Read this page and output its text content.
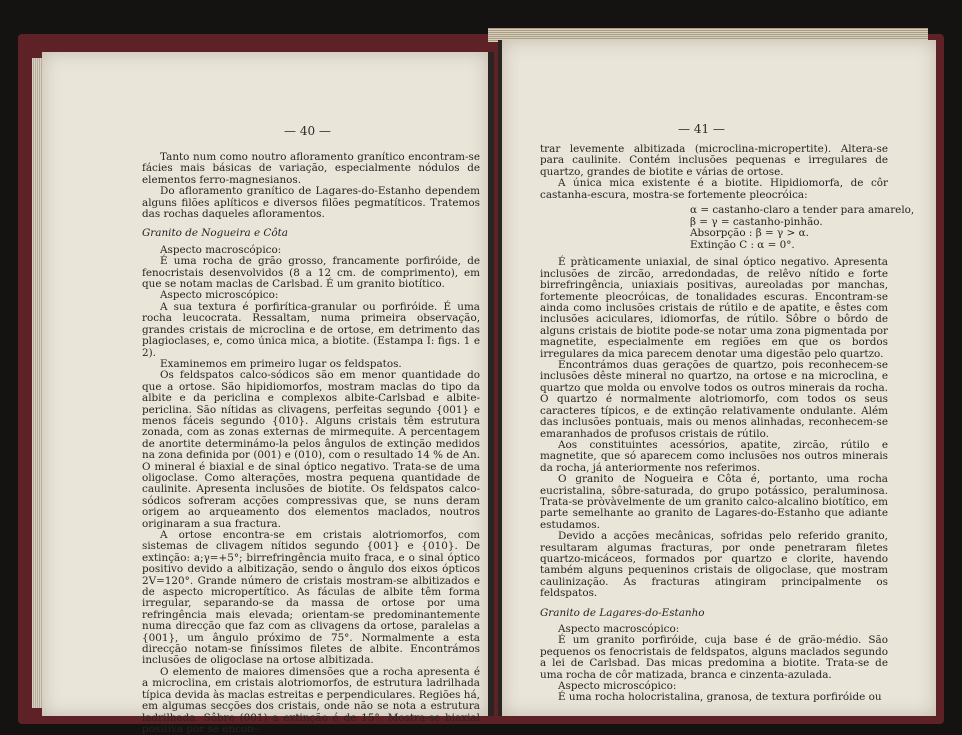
— 40 —

Tanto num como noutro afloramento granítico encontram-se fácies mais básicas de variação, especialmente nódulos de elementos ferro-magnesianos.

Do afloramento granítico de Lagares-do-Estanho dependem alguns filões aplíticos e diversos filões pegmatíticos. Tratemos das rochas daqueles afloramentos.

Granito de Nogueira e Côta

Aspecto macroscópico:

É uma rocha de grão grosso, francamente porfiróide, de fenocristais desenvolvidos (8 a 12 cm. de comprimento), em que se notam maclas de Carlsbad. É um granito biotítico.

Aspecto microscópico:

A sua textura é porfirítica-granular ou porfiróide. É uma rocha leucocrata. Ressaltam, numa primeira observação, grandes cristais de microclina e de ortose, em detrimento das plagioclases, e, como única mica, a biotite. (Estampa I: figs. 1 e 2).

Examinemos em primeiro lugar os feldspatos.

Os feldspatos calco-sódicos são em menor quantidade do que a ortose. São hipidiomorfos, mostram maclas do tipo da albite e da periclina e complexos albite-Carlsbad e albite-periclina. São nítidas as clivagens, perfeitas segundo {001} e menos fáceis segundo {010}. Alguns cristais têm estrutura zonada, com as zonas externas de mirmequite. A percentagem de anortite determinámo-la pelos ângulos de extinção medidos na zona definida por (001) e (010), com o resultado 14 % de An. O mineral é biaxial e de sinal óptico negativo. Trata-se de uma oligoclase. Como alterações, mostra pequena quantidade de caulinite. Apresenta inclusões de biotite. Os feldspatos calco-sódicos sofreram acções compressivas que, se nuns deram origem ao arqueamento dos elementos maclados, noutros originaram a sua fractura.

A ortose encontra-se em cristais alotriomorfos, com sistemas de clivagem nítidos segundo {001} e {010}. De extinção: a;γ=+5°; birrefringência muito fraca, e o sinal óptico positivo devido a albitização, sendo o ângulo dos eixos ópticos 2V=120°. Grande número de cristais mostram-se albitizados e de aspecto micropertítico. As fáculas de albite têm forma irregular, separando-se da massa de ortose por uma refringência mais elevada; orientam-se predominantemente numa direcção que faz com as clivagens da ortose, paralelas a {001}, um ângulo próximo de 75°. Normalmente a esta direcção notam-se finíssimos filetes de albite. Encontrámos inclusões de oligoclase na ortose albitizada.

O elemento de maiores dimensões que a rocha apresenta é a microclina, em cristais alotriomorfos, de estrutura ladrilhada típica devida às maclas estreitas e perpendiculares. Regiões há, em algumas secções dos cristais, onde não se nota a estrutura ladrilhada. Sôbre (001) a extinção é de 15°. Mostra-se biaxial positiva por se encon-

— 41 —

trar levemente albitizada (microclina-micropertite). Altera-se para caulinite. Contém inclusões pequenas e irregulares de quartzo, grandes de biotite e várias de ortose.

A única mica existente é a biotite. Hipidiomorfa, de côr castanha-escura, mostra-se fortemente pleocróica:

α = castanho-claro a tender para amarelo,
β = γ = castanho-pinhão.
Absorpção : β = γ > α.
Extinção C : α = 0°.

É pràticamente uniaxial, de sinal óptico negativo. Apresenta inclusões de zircão, arredondadas, de relêvo nítido e forte birrefringência, uniaxiais positivas, aureoladas por manchas, fortemente pleocróicas, de tonalidades escuras. Encontram-se ainda como inclusões cristais de rútilo e de apatite, e êstes com inclusões aciculares, idiomorfas, de rútilo. Sôbre o bôrdo de alguns cristais de biotite pode-se notar uma zona pigmentada por magnetite, especialmente em regiões em que os bordos irregulares da mica parecem denotar uma digestão pelo quartzo.

Encontrámos duas gerações de quartzo, pois reconhecem-se inclusões dêste mineral no quartzo, na ortose e na microclina, e quartzo que molda ou envolve todos os outros minerais da rocha. O quartzo é normalmente alotriomorfo, com todos os seus caracteres típicos, e de extinção relativamente ondulante. Além das inclusões pontuais, mais ou menos alinhadas, reconhecem-se emaranhados de profusos cristais de rútilo.

Aos constituintes acessórios, apatite, zircão, rútilo e magnetite, que só aparecem como inclusões nos outros minerais da rocha, já anteriormente nos referimos.

O granito de Nogueira e Côta é, portanto, uma rocha eucristalina, sôbre-saturada, do grupo potássico, peraluminosa. Trata-se pròvàvelmente de um granito calco-alcalino biotítico, em parte semelhante ao granito de Lagares-do-Estanho que adiante estudamos.

Devido a acções mecânicas, sofridas pelo referido granito, resultaram algumas fracturas, por onde penetraram filetes quartzo-micáceos, formados por quartzo e clorite, havendo também alguns pequeninos cristais de oligoclase, que mostram caulinização. As fracturas atingiram principalmente os feldspatos.

Granito de Lagares-do-Estanho

Aspecto macroscópico:

É um granito porfiróide, cuja base é de grão-médio. São pequenos os fenocristais de feldspatos, alguns maclados segundo a lei de Carlsbad. Das micas predomina a biotite. Trata-se de uma rocha de côr matizada, branca e cinzenta-azulada.

Aspecto microscópico:

É uma rocha holocristalina, granosa, de textura porfiróide ou
